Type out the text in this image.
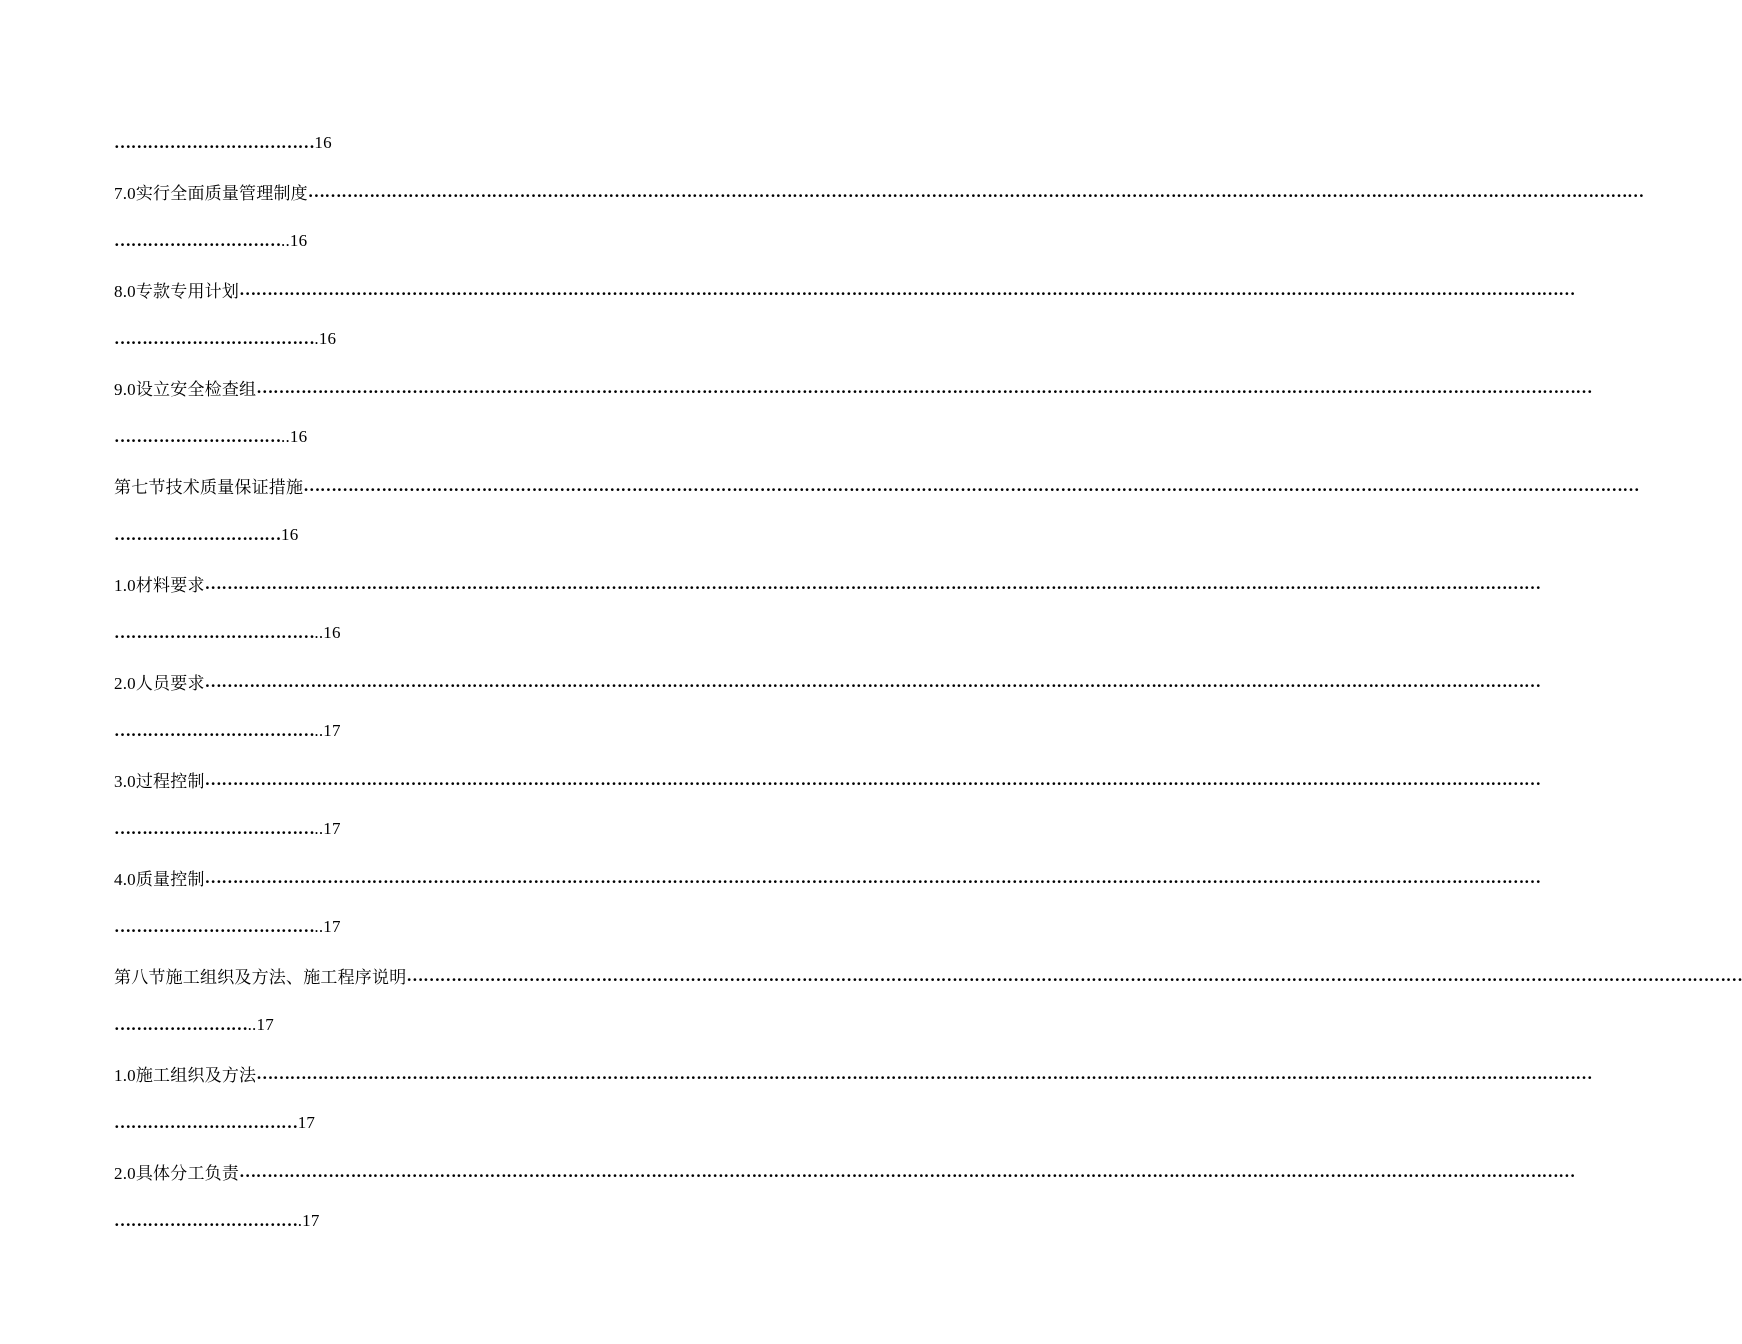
……………………………… 16
7.0实行全面质量管理制度 ……………………………………………………………………………………………………………………………………………………………………………………………………………………
………………………… ..16
8.0专款专用计划 ……………………………………………………………………………………………………………………………………………………………………………………………………………………
……………………………… .16
9.0设立安全检查组 ……………………………………………………………………………………………………………………………………………………………………………………………………………………
………………………… ..16
第七节技术质量保证措施 ……………………………………………………………………………………………………………………………………………………………………………………………………………………
………………………… 16
1.0材料要求 ……………………………………………………………………………………………………………………………………………………………………………………………………………………
……………………………… ..16
2.0人员要求 ……………………………………………………………………………………………………………………………………………………………………………………………………………………
……………………………… ..17
3.0过程控制 ……………………………………………………………………………………………………………………………………………………………………………………………………………………
……………………………… ..17
4.0质量控制 ……………………………………………………………………………………………………………………………………………………………………………………………………………………
……………………………… ..17
第八节施工组织及方法、施工程序说明 ……………………………………………………………………………………………………………………………………………………………………………………………………………………
…………………… ..17
1.0施工组织及方法 ……………………………………………………………………………………………………………………………………………………………………………………………………………………
…………………………… 17
2.0具体分工负责 ……………………………………………………………………………………………………………………………………………………………………………………………………………………
…………………………… .17
